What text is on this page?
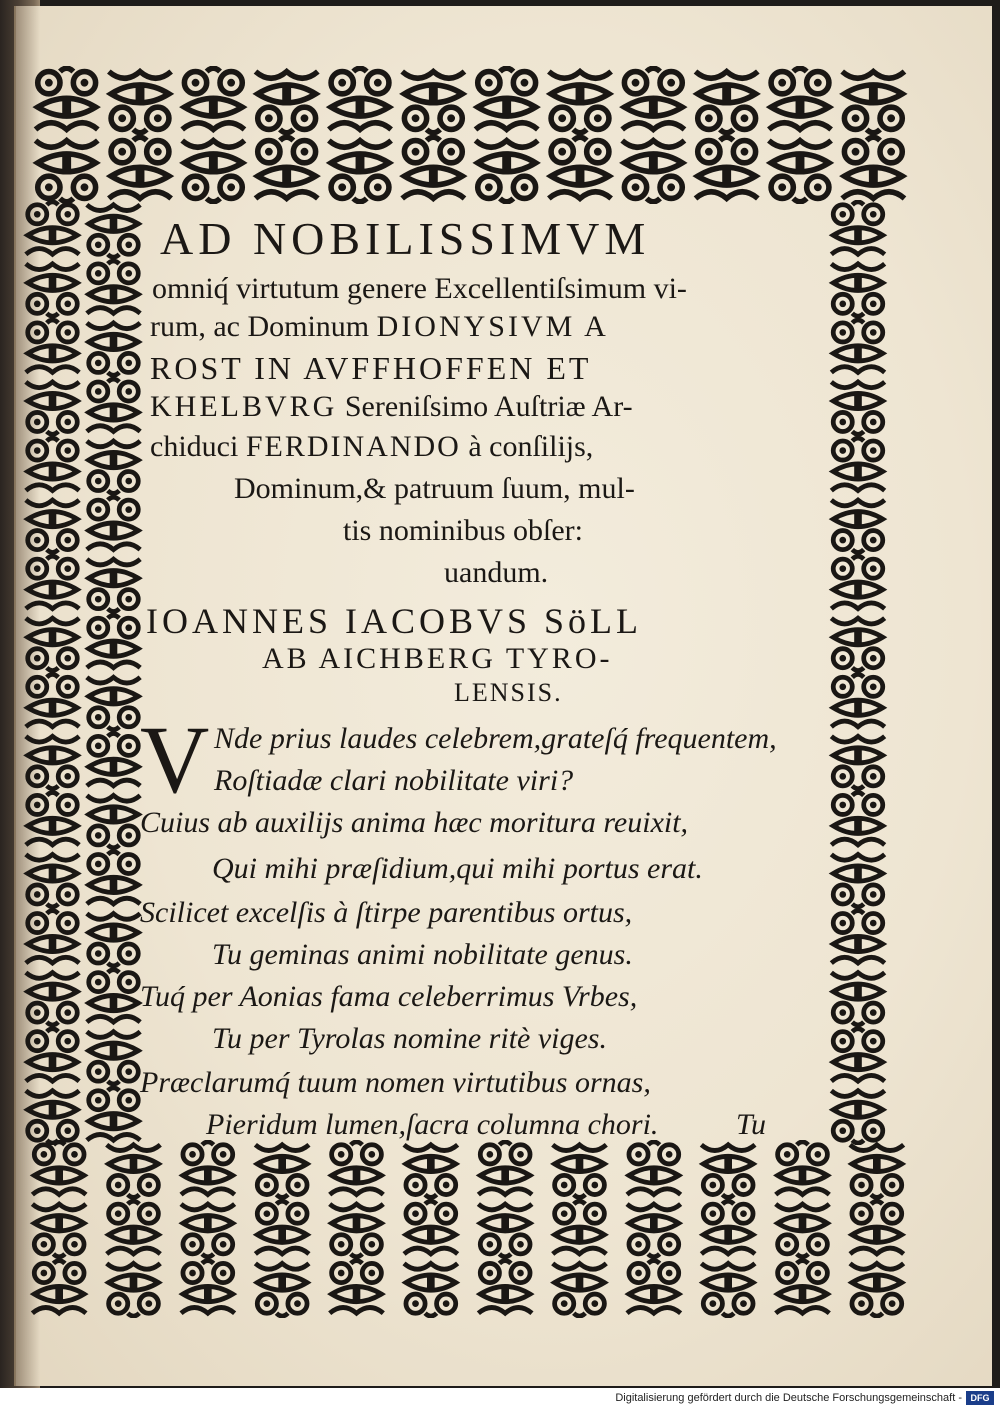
AD NOBILISSIMVM
omniq́ virtutum genere Excellentiſsimum vi-
rum, ac Dominum DIONYSIVM A
ROST IN AVFFHOFFEN ET
KHELBVRG Sereniſsimo Auſtriæ Ar-
chiduci FERDINANDO à conſilijs,
Dominum,& patruum ſuum, mul-
tis nominibus obſer:
uandum.
IOANNES IACOBVS SöLL
AB AICHBERG TYRO-
LENSIS.
V Nde prius laudes celebrem,grateſq́ frequentem,
Roſtiadæ clari nobilitate viri?
Cuius ab auxilijs anima hæc moritura reuixit,
Qui mihi præſidium,qui mihi portus erat.
Scilicet excelſis à ſtirpe parentibus ortus,
Tu geminas animi nobilitate genus.
Tuq́ per Aonias fama celeberrimus Vrbes,
Tu per Tyrolas nomine ritè viges.
Præclarumq́ tuum nomen virtutibus ornas,
Pieridum lumen,ſacra columna chori.	Tu
Digitalisierung gefördert durch die Deutsche Forschungsgemeinschaft - DFG
